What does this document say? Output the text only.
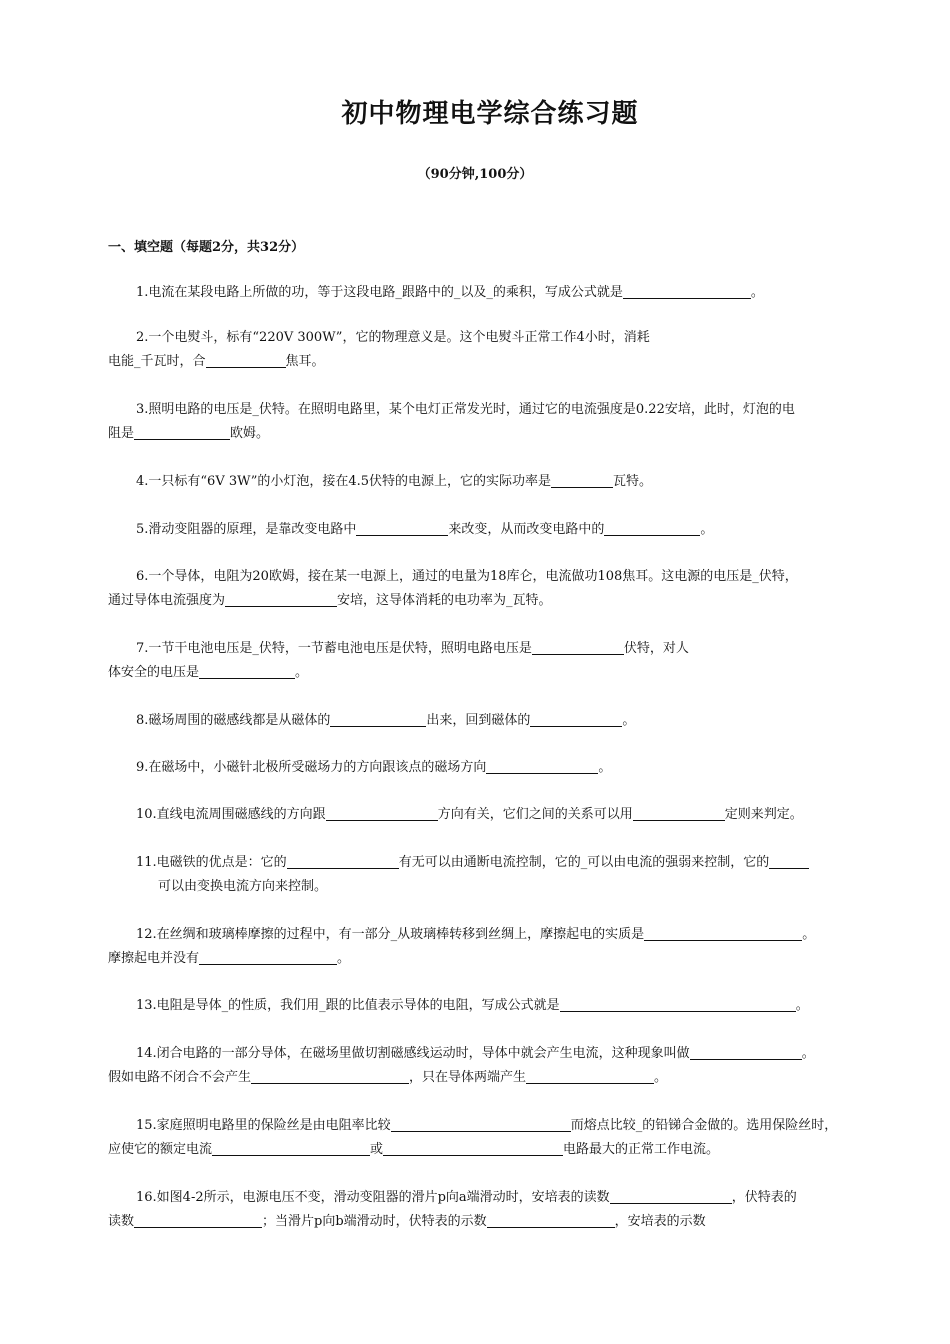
初中物理电学综合练习题
（90分钟,100分）
一、填空题（每题2分，共32分）
1.电流在某段电路上所做的功，等于这段电路_跟路中的_以及_的乘积，写成公式就是	。
2.一个电熨斗，标有“220V 300W”，它的物理意义是。这个电熨斗正常工作4小时，消耗
电能_千瓦时，合	焦耳。
3.照明电路的电压是_伏特。在照明电路里，某个电灯正常发光时，通过它的电流强度是0.22安培，此时，灯泡的电
阻是	欧姆。
4.一只标有“6V 3W”的小灯泡，接在4.5伏特的电源上，它的实际功率是	瓦特。
5.滑动变阻器的原理，是靠改变电路中	来改变，从而改变电路中的	。
6.一个导体，电阻为20欧姆，接在某一电源上，通过的电量为18库仑，电流做功108焦耳。这电源的电压是_伏特，
通过导体电流强度为	安培，这导体消耗的电功率为_瓦特。
7.一节干电池电压是_伏特，一节蓄电池电压是伏特，照明电路电压是	伏特，对人
体安全的电压是	。
8.磁场周围的磁感线都是从磁体的	出来，回到磁体的	。
9.在磁场中，小磁针北极所受磁场力的方向跟该点的磁场方向	。
10.直线电流周围磁感线的方向跟	方向有关，它们之间的关系可以用	定则来判定。
11.电磁铁的优点是：它的	有无可以由通断电流控制，它的_可以由电流的强弱来控制，它的
可以由变换电流方向来控制。
12.在丝绸和玻璃棒摩擦的过程中，有一部分_从玻璃棒转移到丝绸上，摩擦起电的实质是	。
摩擦起电并没有	。
13.电阻是导体_的性质，我们用_跟的比值表示导体的电阻，写成公式就是	。
14.闭合电路的一部分导体，在磁场里做切割磁感线运动时，导体中就会产生电流，这种现象叫做	。
假如电路不闭合不会产生	，只在导体两端产生	。
15.家庭照明电路里的保险丝是由电阻率比较	而熔点比较_的铅锑合金做的。选用保险丝时，
应使它的额定电流	或	电路最大的正常工作电流。
16.如图4-2所示，电源电压不变，滑动变阻器的滑片p向a端滑动时，安培表的读数	，伏特表的
读数	；当滑片p向b端滑动时，伏特表的示数	，安培表的示数
